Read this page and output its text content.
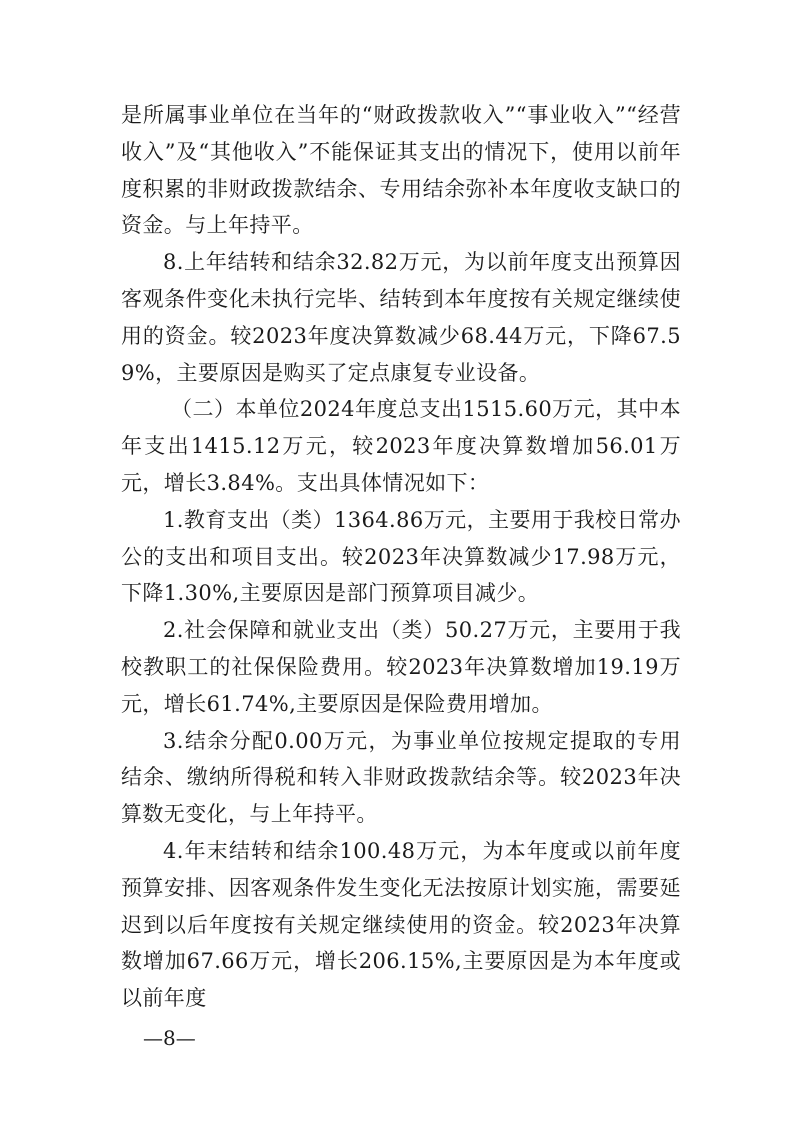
是所属事业单位在当年的“财政拨款收入”“事业收入”“经营收入”及“其他收入”不能保证其支出的情况下，使用以前年度积累的非财政拨款结余、专用结余弥补本年度收支缺口的资金。与上年持平。

8.上年结转和结余32.82万元，为以前年度支出预算因客观条件变化未执行完毕、结转到本年度按有关规定继续使用的资金。较2023年度决算数减少68.44万元，下降67.59%，主要原因是购买了定点康复专业设备。

（二）本单位2024年度总支出1515.60万元，其中本年支出1415.12万元，较2023年度决算数增加56.01万元，增长3.84%。支出具体情况如下：

1.教育支出（类）1364.86万元，主要用于我校日常办公的支出和项目支出。较2023年决算数减少17.98万元，下降1.30%,主要原因是部门预算项目减少。

2.社会保障和就业支出（类）50.27万元，主要用于我校教职工的社保保险费用。较2023年决算数增加19.19万元，增长61.74%,主要原因是保险费用增加。

3.结余分配0.00万元，为事业单位按规定提取的专用结余、缴纳所得税和转入非财政拨款结余等。较2023年决算数无变化，与上年持平。

4.年末结转和结余100.48万元，为本年度或以前年度预算安排、因客观条件发生变化无法按原计划实施，需要延迟到以后年度按有关规定继续使用的资金。较2023年决算数增加67.66万元，增长206.15%,主要原因是为本年度或以前年度

—8—
